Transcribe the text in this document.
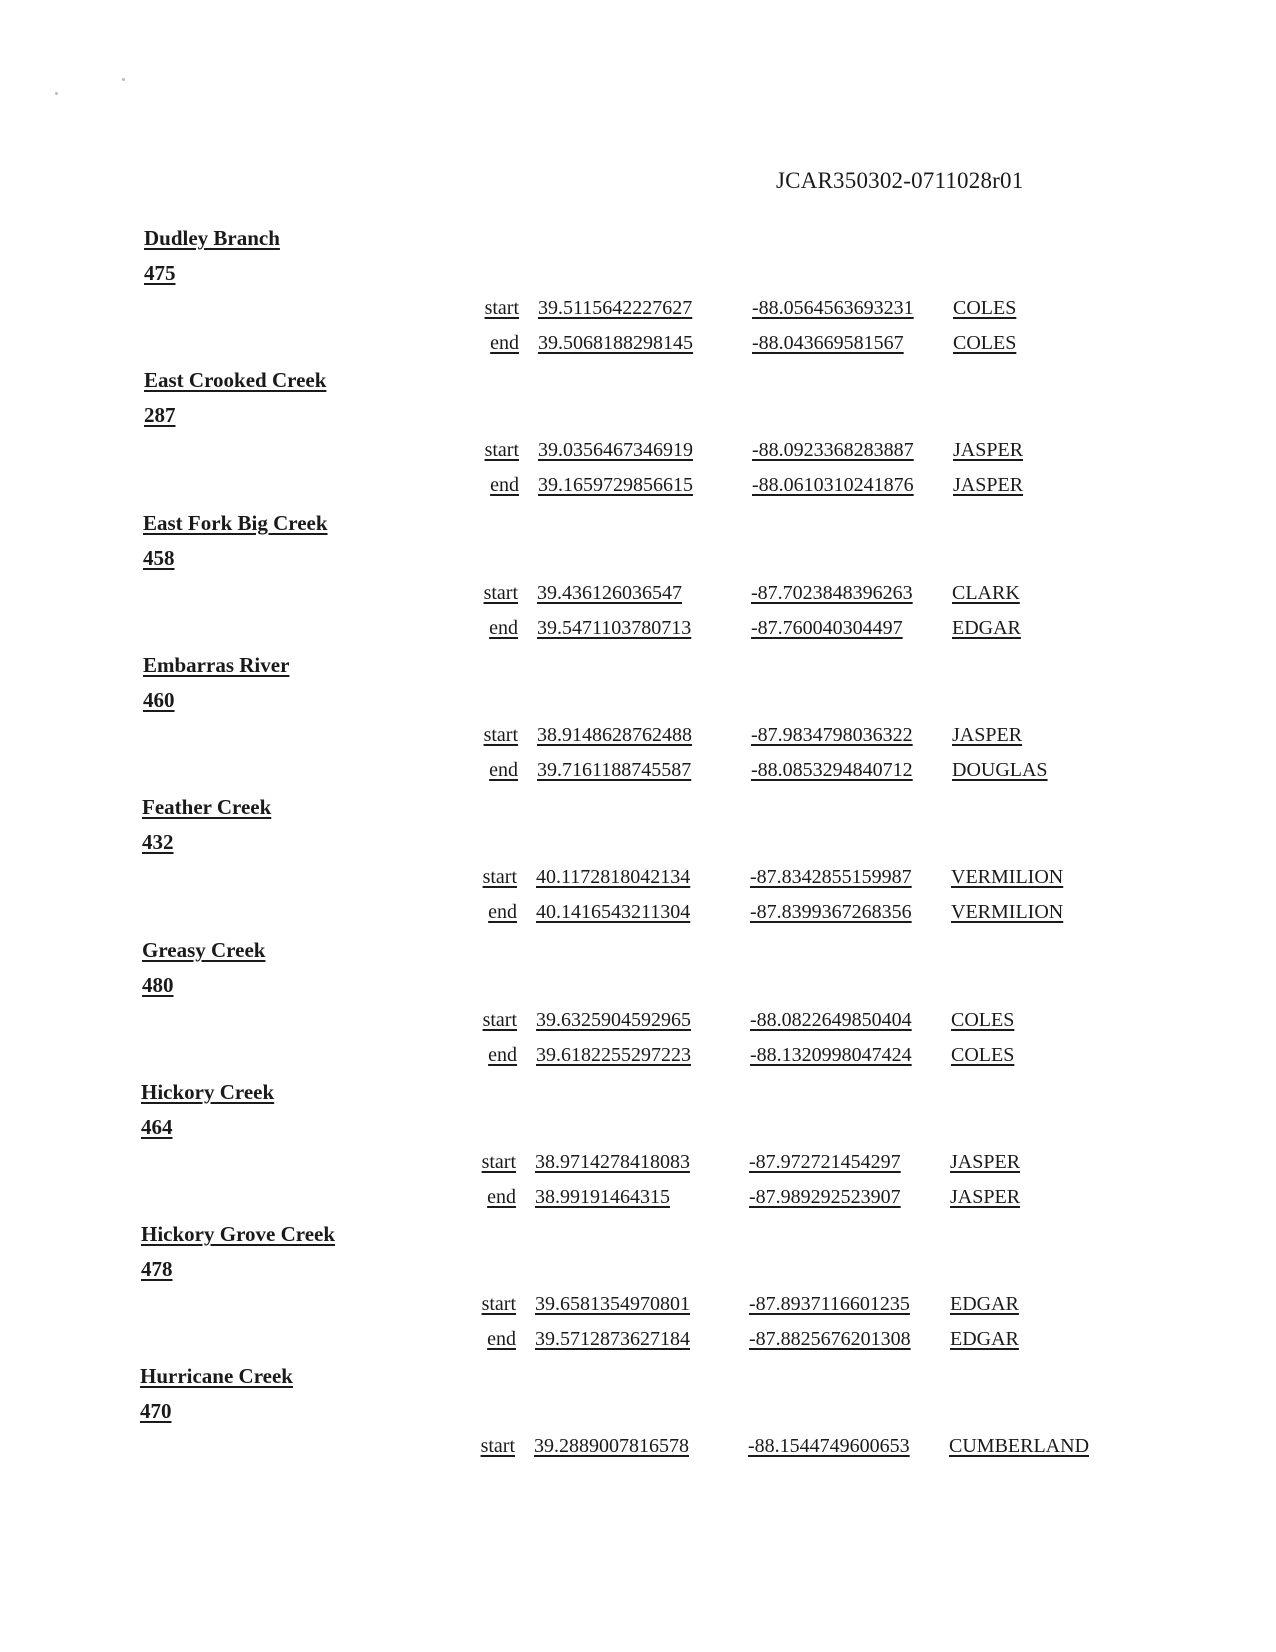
JCAR350302-0711028r01
Dudley Branch
475
start 39.5115642227627	-88.0564563693231 COLES
end 39.5068188298145	-88.043669581567 COLES
East Crooked Creek
287
start 39.0356467346919	-88.0923368283887 JASPER
end 39.1659729856615	-88.0610310241876 JASPER
East Fork Big Creek
458
start 39.436126036547	-87.7023848396263 CLARK
end 39.5471103780713	-87.760040304497 EDGAR
Embarras River
460
start 38.9148628762488	-87.9834798036322 JASPER
end 39.7161188745587	-88.0853294840712 DOUGLAS
Feather Creek
432
start 40.1172818042134	-87.8342855159987 VERMILION
end 40.1416543211304	-87.8399367268356 VERMILION
Greasy Creek
480
start 39.6325904592965	-88.0822649850404 COLES
end 39.6182255297223	-88.1320998047424 COLES
Hickory Creek
464
start 38.9714278418083	-87.972721454297 JASPER
end 38.99191464315	-87.989292523907 JASPER
Hickory Grove Creek
478
start 39.6581354970801	-87.8937116601235 EDGAR
end 39.5712873627184	-87.8825676201308 EDGAR
Hurricane Creek
470
start 39.2889007816578	-88.1544749600653 CUMBERLAND
